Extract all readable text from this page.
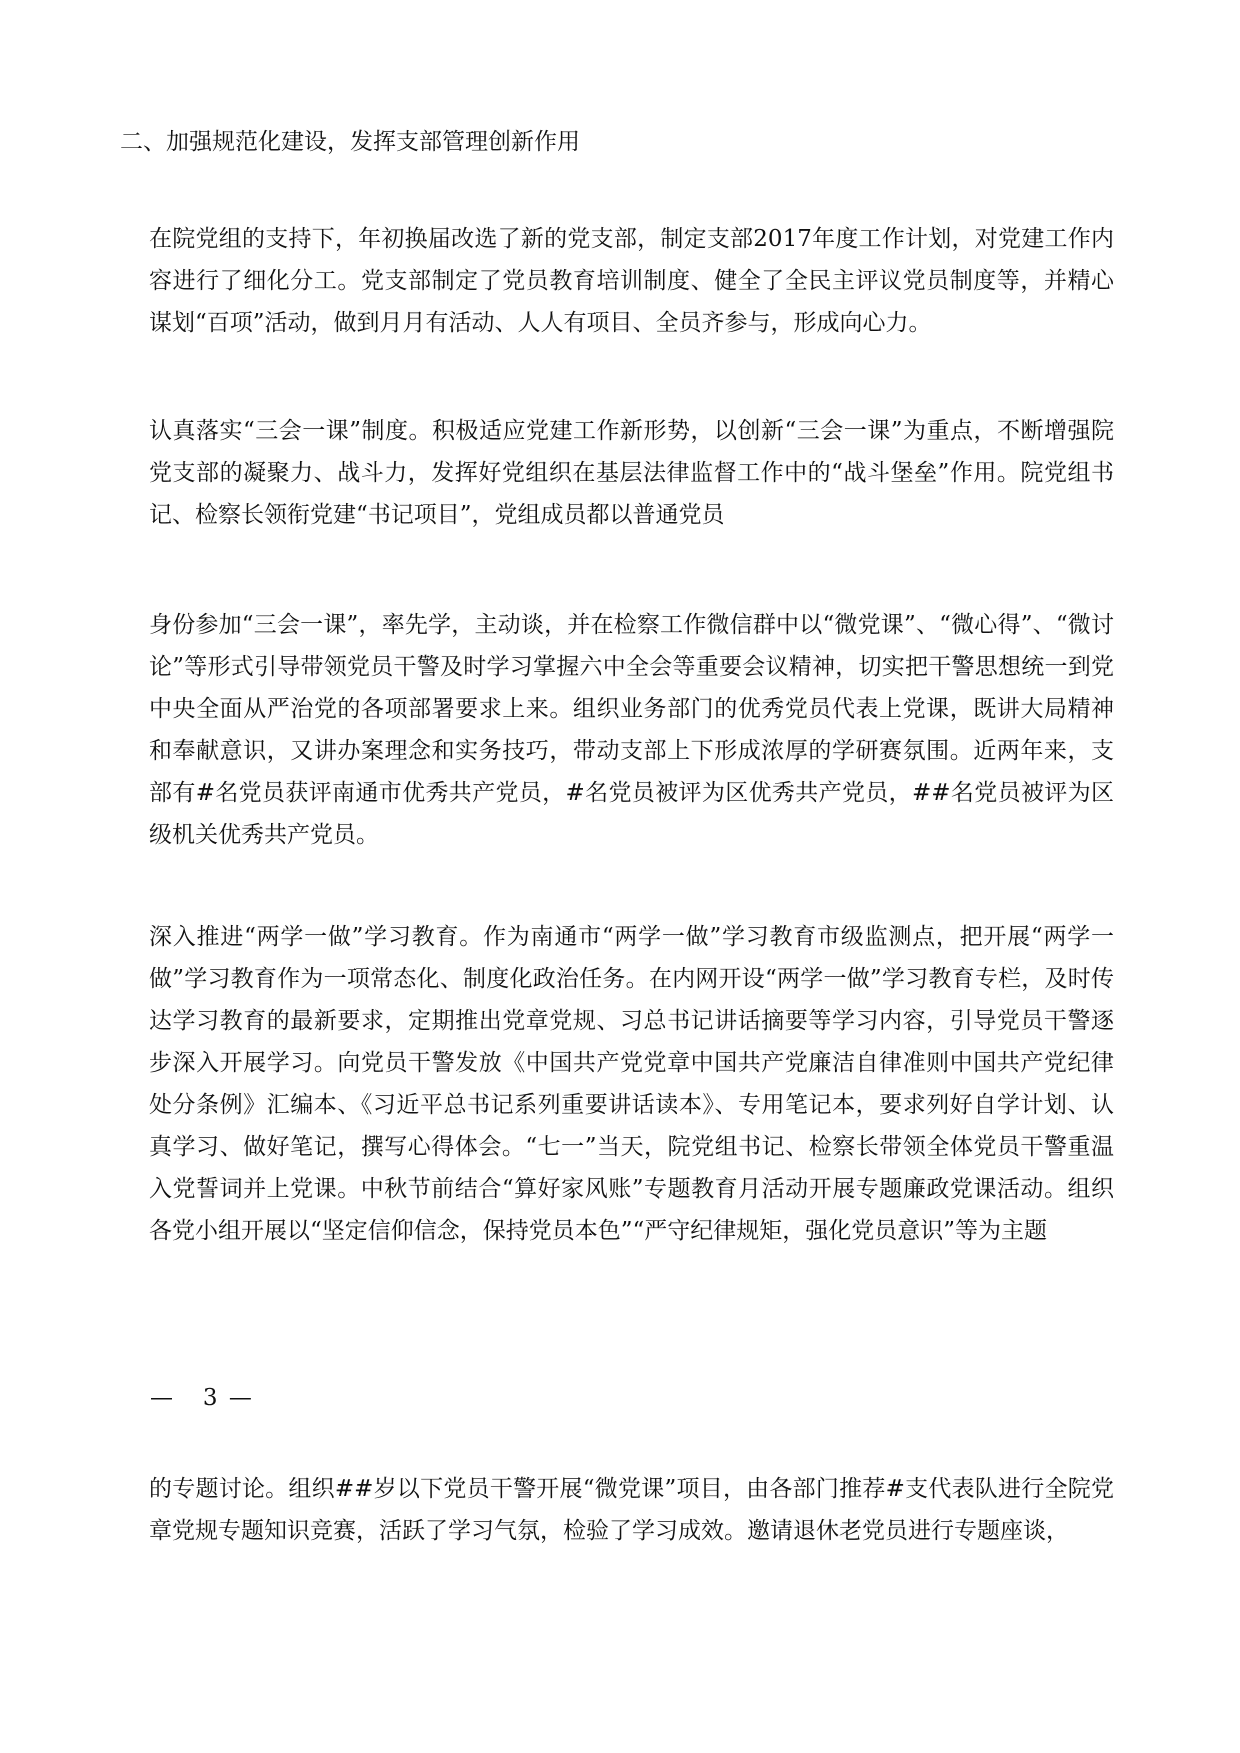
二、加强规范化建设，发挥支部管理创新作用

在院党组的支持下，年初换届改选了新的党支部，制定支部2017年度工作计划，对党建工作内容进行了细化分工。党支部制定了党员教育培训制度、健全了全民主评议党员制度等，并精心谋划“百项”活动，做到月月有活动、人人有项目、全员齐参与，形成向心力。

认真落实“三会一课”制度。积极适应党建工作新形势，以创新“三会一课”为重点，不断增强院党支部的凝聚力、战斗力，发挥好党组织在基层法律监督工作中的“战斗堡垒”作用。院党组书记、检察长领衔党建“书记项目”，党组成员都以普通党员

身份参加“三会一课”，率先学，主动谈，并在检察工作微信群中以“微党课”、“微心得”、“微讨论”等形式引导带领党员干警及时学习掌握六中全会等重要会议精神，切实把干警思想统一到党中央全面从严治党的各项部署要求上来。组织业务部门的优秀党员代表上党课，既讲大局精神和奉献意识，又讲办案理念和实务技巧，带动支部上下形成浓厚的学研赛氛围。近两年来，支部有#名党员获评南通市优秀共产党员，#名党员被评为区优秀共产党员，##名党员被评为区级机关优秀共产党员。

深入推进“两学一做”学习教育。作为南通市“两学一做”学习教育市级监测点，把开展“两学一做”学习教育作为一项常态化、制度化政治任务。在内网开设“两学一做”学习教育专栏，及时传达学习教育的最新要求，定期推出党章党规、习总书记讲话摘要等学习内容，引导党员干警逐步深入开展学习。向党员干警发放《中国共产党党章中国共产党廉洁自律准则中国共产党纪律处分条例》汇编本、《习近平总书记系列重要讲话读本》、专用笔记本，要求列好自学计划、认真学习、做好笔记，撰写心得体会。“七一”当天，院党组书记、检察长带领全体党员干警重温入党誓词并上党课。中秋节前结合“算好家风账”专题教育月活动开展专题廉政党课活动。组织各党小组开展以“坚定信仰信念，保持党员本色”“严守纪律规矩，强化党员意识”等为主题

—   3 —

的专题讨论。组织##岁以下党员干警开展“微党课”项目，由各部门推荐#支代表队进行全院党章党规专题知识竞赛，活跃了学习气氛，检验了学习成效。邀请退休老党员进行专题座谈，
